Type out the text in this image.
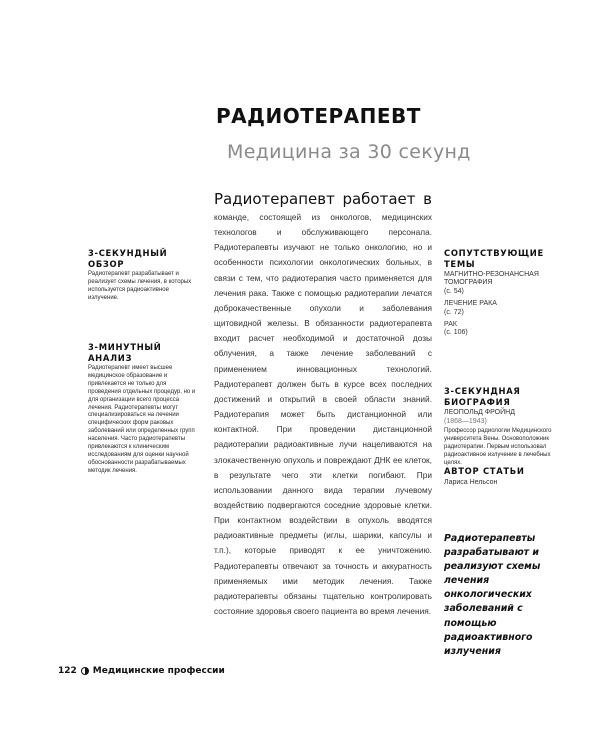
РАДИОТЕРАПЕВТ
Медицина за 30 секунд

Радиотерапевт работает в

команде, состоящей из онкологов, медицинских технологов и обслуживающего персонала. Радиотерапевты изучают не только онкологию, но и особенности психологии онкологических больных, в связи с тем, что радиотерапия часто применяется для лечения рака. Также с помощью радиотерапии лечатся доброкачественные опухоли и заболевания щитовидной железы. В обязанности радиотерапевта входит расчет необходимой и достаточной дозы облучения, а также лечение заболеваний с применением инновационных технологий. Радиотерапевт должен быть в курсе всех последних достижений и открытий в своей области знаний. Радиотерапия может быть дистанционной или контактной. При проведении дистанционной радиотерапии радиоактивные лучи нацеливаются на злокачественную опухоль и повреждают ДНК ее клеток, в результате чего эти клетки погибают. При использовании данного вида терапии лучевому воздействию подвергаются соседние здоровые клетки. При контактном воздействии в опухоль вводятся радиоактивные предметы (иглы, шарики, капсулы и т.п.), которые приводят к ее уничтожению. Радиотерапевты отвечают за точность и аккуратность применяемых ими методик лечения. Также радиотерапевты обязаны тщательно контролировать состояние здоровья своего пациента во время лечения.

3-СЕКУНДНЫЙ ОБЗОР

Радиотерапевт разрабатывает и реализует схемы лечения, в которых используется радиоактивное излучение.

3-МИНУТНЫЙ АНАЛИЗ

Радиотерапевт имеет высшее медицинское образование и привлекается не только для проведения отдельных процедур, но и для организации всего процесса лечения. Радиотерапевты могут специализироваться на лечении специфических форм раковых заболеваний или определенных групп населения. Часто радиотерапевты привлекаются к клиническим исследованиям для оценки научной обоснованности разрабатываемых методик лечения.

СОПУТСТВУЮЩИЕ ТЕМЫ

МАГНИТНО-РЕЗОНАНСНАЯ ТОМОГРАФИЯ

(с. 54)

ЛЕЧЕНИЕ РАКА

(с. 72)

РАК

(с. 106)

3-СЕКУНДНАЯ БИОГРАФИЯ

ЛЕОПОЛЬД ФРОЙНД

(1868—1943)

Профессор радиологии Медицинского университета Вены. Основоположник радиотерапии. Первым использовал радиоактивное излучение в лечебных целях.

АВТОР СТАТЬИ

Лариса Нельсон

Радиотерапевты разрабатывают и реализуют схемы лечения онкологических заболеваний с помощью радиоактивного излучения

122 Медицинские профессии
